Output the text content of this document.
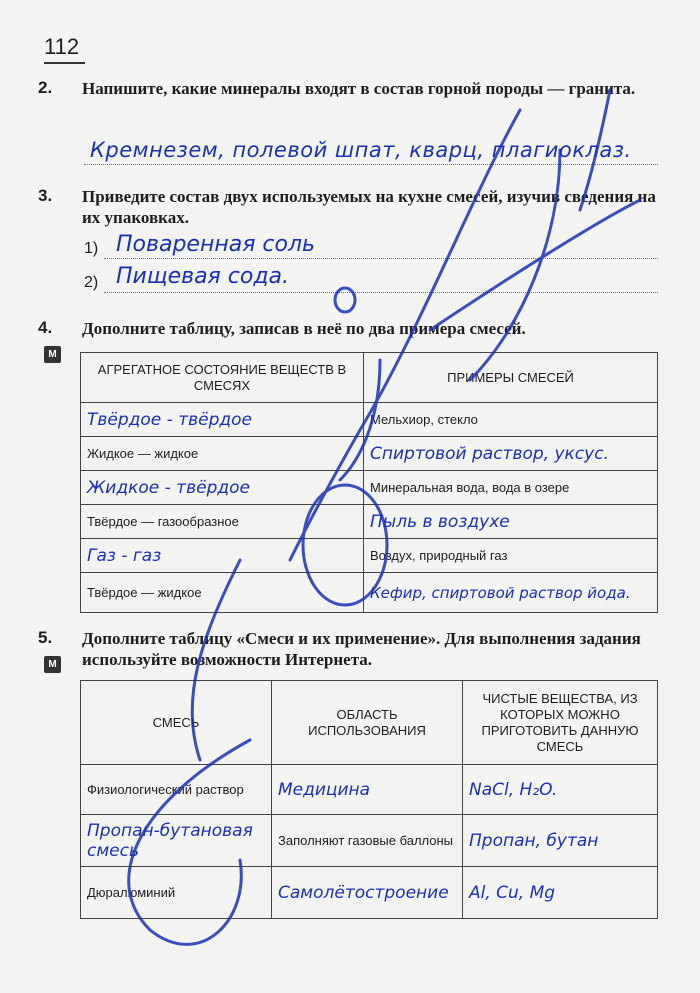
112
2. Напишите, какие минералы входят в состав горной породы — гранита.
Кремнезем, полевой шпат, кварц, плагиоклаз.
3. Приведите состав двух используемых на кухне смесей, изучив сведения на их упаковках.
1) Поваренная соль
2) Пищевая сода.
4. Дополните таблицу, записав в неё по два примера смесей.
M
АГРЕГАТНОЕ СОСТОЯНИЕ ВЕЩЕСТВ В СМЕСЯХ	ПРИМЕРЫ СМЕСЕЙ
Твёрдое - твёрдое	Мельхиор, стекло
Жидкое — жидкое	Спиртовой раствор, уксус.
Жидкое - твёрдое	Минеральная вода, вода в озере
Твёрдое — газообразное	Пыль в воздухе
Газ - газ	Воздух, природный газ
Твёрдое — жидкое	Кефир, спиртовой раствор йода.
5. Дополните таблицу «Смеси и их применение». Для выполнения задания используйте возможности Интернета.
M
СМЕСЬ	ОБЛАСТЬ ИСПОЛЬЗОВАНИЯ	ЧИСТЫЕ ВЕЩЕСТВА, ИЗ КОТОРЫХ МОЖНО ПРИГОТОВИТЬ ДАННУЮ СМЕСЬ
Физиологический раствор	Медицина	NaCl, H₂O.
Пропан-бутановая смесь	Заполняют газовые баллоны	Пропан, бутан
Дюралюминий	Самолётостроение	Al, Cu, Mg
